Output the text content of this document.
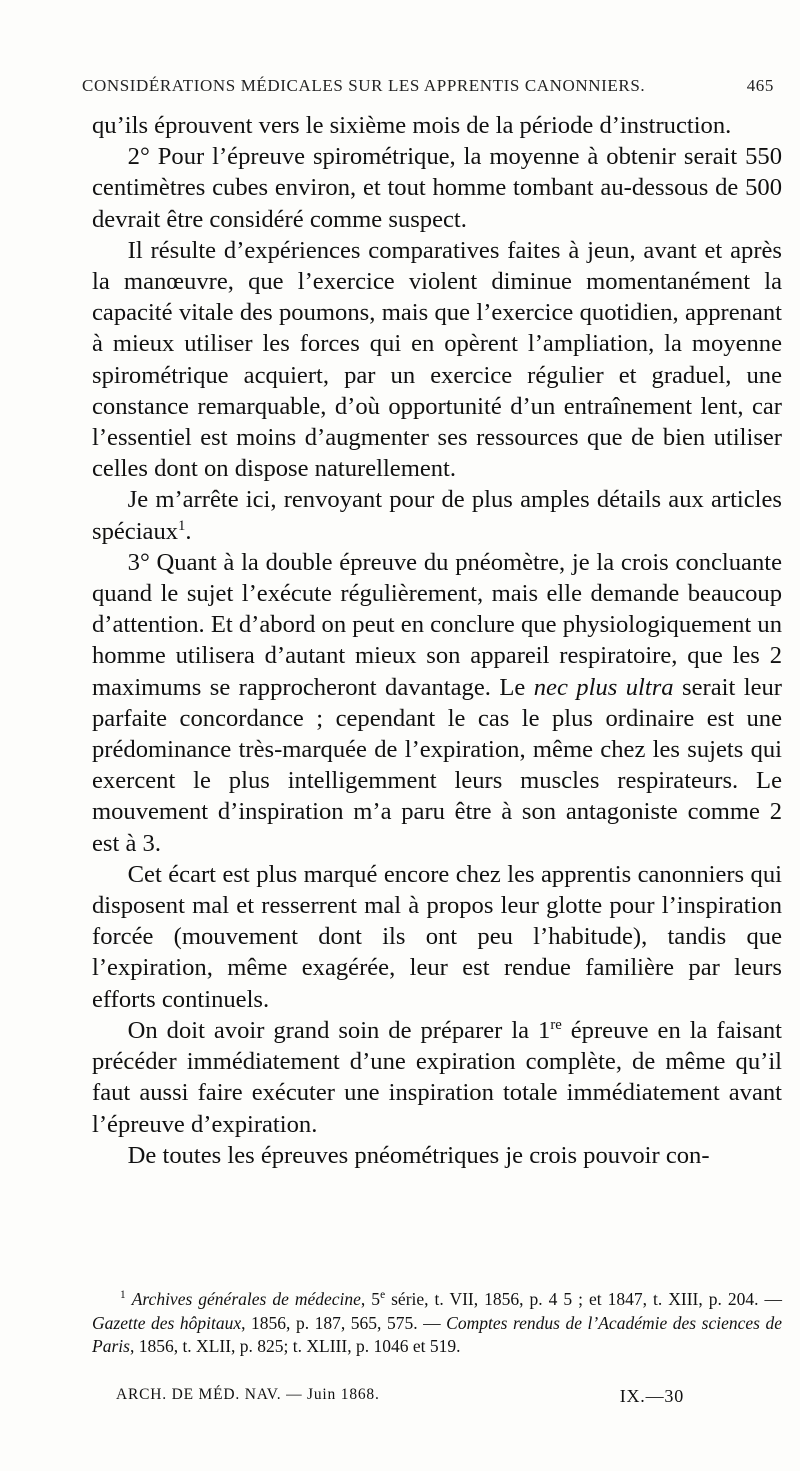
CONSIDÉRATIONS MÉDICALES SUR LES APPRENTIS CANONNIERS.	465

qu’ils éprouvent vers le sixième mois de la période d’instruction.

2° Pour l’épreuve spirométrique, la moyenne à obtenir serait 550 centimètres cubes environ, et tout homme tombant au-dessous de 500 devrait être considéré comme suspect.

Il résulte d’expériences comparatives faites à jeun, avant et après la manœuvre, que l’exercice violent diminue momentanément la capacité vitale des poumons, mais que l’exercice quotidien, apprenant à mieux utiliser les forces qui en opèrent l’ampliation, la moyenne spirométrique acquiert, par un exercice régulier et graduel, une constance remarquable, d’où opportunité d’un entraînement lent, car l’essentiel est moins d’augmenter ses ressources que de bien utiliser celles dont on dispose naturellement.

Je m’arrête ici, renvoyant pour de plus amples détails aux articles spéciaux$^1$.

3° Quant à la double épreuve du pnéomètre, je la crois concluante quand le sujet l’exécute régulièrement, mais elle demande beaucoup d’attention. Et d’abord on peut en conclure que physiologiquement un homme utilisera d’autant mieux son appareil respiratoire, que les 2 maximums se rapprocheront davantage. Le nec plus ultra serait leur parfaite concordance ; cependant le cas le plus ordinaire est une prédominance très-marquée de l’expiration, même chez les sujets qui exercent le plus intelligemment leurs muscles respirateurs. Le mouvement d’inspiration m’a paru être à son antagoniste comme 2 est à 3.

Cet écart est plus marqué encore chez les apprentis canonniers qui disposent mal et resserrent mal à propos leur glotte pour l’inspiration forcée (mouvement dont ils ont peu l’habitude), tandis que l’expiration, même exagérée, leur est rendue familière par leurs efforts continuels.

On doit avoir grand soin de préparer la 1re épreuve en la faisant précéder immédiatement d’une expiration complète, de même qu’il faut aussi faire exécuter une inspiration totale immédiatement avant l’épreuve d’expiration.

De toutes les épreuves pnéométriques je crois pouvoir con-

$^1$ Archives générales de médecine, 5e série, t. VII, 1856, p. 4 5 ; et 1847, t. XIII, p. 204. — Gazette des hôpitaux, 1856, p. 187, 565, 575. — Comptes rendus de l’Académie des sciences de Paris, 1856, t. XLII, p. 825; t. XLIII, p. 1046 et 519.

ARCH. DE MÉD. NAV. — Juin 1868.	IX.—30
